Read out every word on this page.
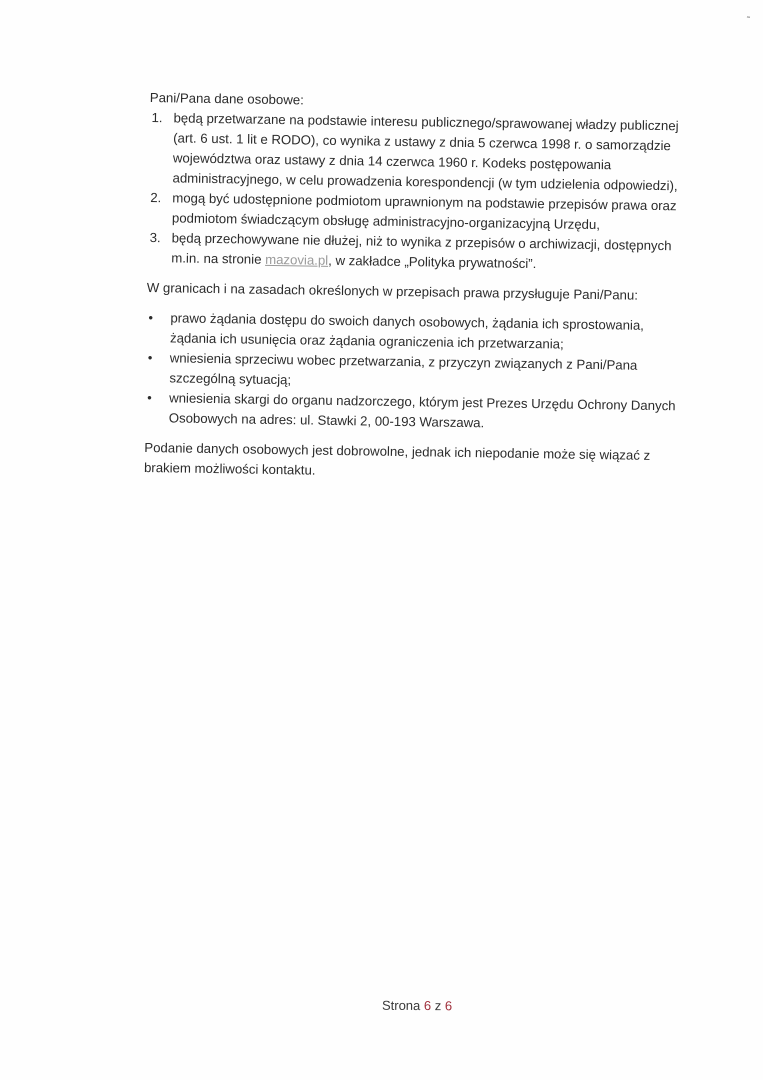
˜
Pani/Pana dane osobowe:
1. będą przetwarzane na podstawie interesu publicznego/sprawowanej władzy publicznej (art. 6 ust. 1 lit e RODO), co wynika z ustawy z dnia 5 czerwca 1998 r. o samorządzie województwa oraz ustawy z dnia 14 czerwca 1960 r. Kodeks postępowania administracyjnego, w celu prowadzenia korespondencji (w tym udzielenia odpowiedzi),
2. mogą być udostępnione podmiotom uprawnionym na podstawie przepisów prawa oraz podmiotom świadczącym obsługę administracyjno-organizacyjną Urzędu,
3. będą przechowywane nie dłużej, niż to wynika z przepisów o archiwizacji, dostępnych m.in. na stronie mazovia.pl, w zakładce „Polityka prywatności”.
W granicach i na zasadach określonych w przepisach prawa przysługuje Pani/Panu:
• prawo żądania dostępu do swoich danych osobowych, żądania ich sprostowania, żądania ich usunięcia oraz żądania ograniczenia ich przetwarzania;
• wniesienia sprzeciwu wobec przetwarzania, z przyczyn związanych z Pani/Pana szczególną sytuacją;
• wniesienia skargi do organu nadzorczego, którym jest Prezes Urzędu Ochrony Danych Osobowych na adres: ul. Stawki 2, 00-193 Warszawa.
Podanie danych osobowych jest dobrowolne, jednak ich niepodanie może się wiązać z brakiem możliwości kontaktu.
Strona 6 z 6
